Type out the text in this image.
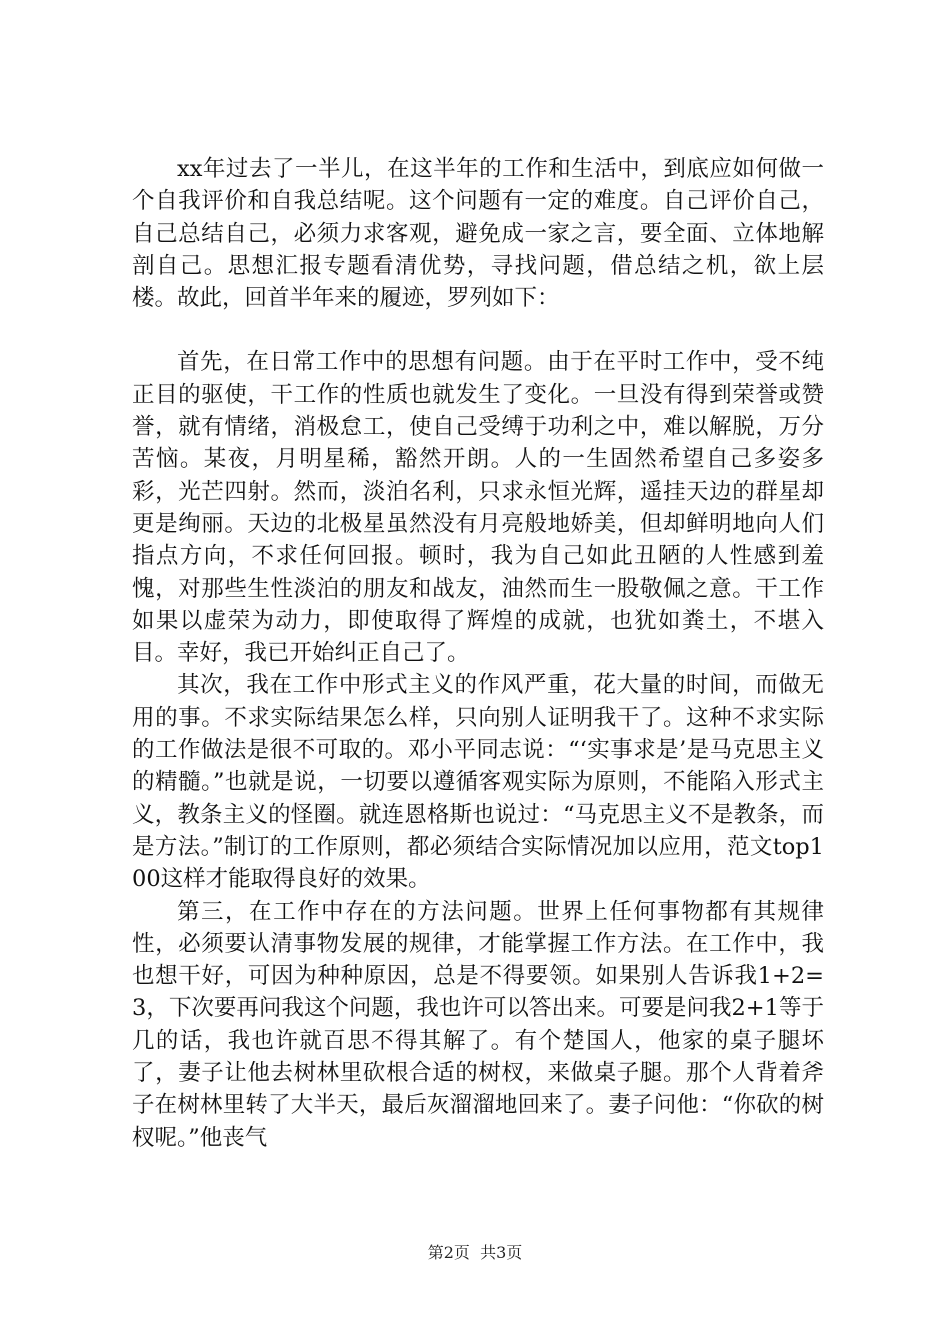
xx年过去了一半儿，在这半年的工作和生活中，到底应如何做一个自我评价和自我总结呢。这个问题有一定的难度。自己评价自己，自己总结自己，必须力求客观，避免成一家之言，要全面、立体地解剖自己。思想汇报专题看清优势，寻找问题，借总结之机，欲上层楼。故此，回首半年来的履迹，罗列如下：

首先，在日常工作中的思想有问题。由于在平时工作中，受不纯正目的驱使，干工作的性质也就发生了变化。一旦没有得到荣誉或赞誉，就有情绪，消极怠工，使自己受缚于功利之中，难以解脱，万分苦恼。某夜，月明星稀，豁然开朗。人的一生固然希望自己多姿多彩，光芒四射。然而，淡泊名利，只求永恒光辉，遥挂天边的群星却更是绚丽。天边的北极星虽然没有月亮般地娇美，但却鲜明地向人们指点方向，不求任何回报。顿时，我为自己如此丑陋的人性感到羞愧，对那些生性淡泊的朋友和战友，油然而生一股敬佩之意。干工作如果以虚荣为动力，即使取得了辉煌的成就，也犹如粪土，不堪入目。幸好，我已开始纠正自己了。

其次，我在工作中形式主义的作风严重，花大量的时间，而做无用的事。不求实际结果怎么样，只向别人证明我干了。这种不求实际的工作做法是很不可取的。邓小平同志说：“‘实事求是’是马克思主义的精髓。”也就是说，一切要以遵循客观实际为原则，不能陷入形式主义，教条主义的怪圈。就连恩格斯也说过：“马克思主义不是教条，而是方法。”制订的工作原则，都必须结合实际情况加以应用，范文top100这样才能取得良好的效果。

第三，在工作中存在的方法问题。世界上任何事物都有其规律性，必须要认清事物发展的规律，才能掌握工作方法。在工作中，我也想干好，可因为种种原因，总是不得要领。如果别人告诉我1+2=3，下次要再问我这个问题，我也许可以答出来。可要是问我2+1等于几的话，我也许就百思不得其解了。有个楚国人，他家的桌子腿坏了，妻子让他去树林里砍根合适的树杈，来做桌子腿。那个人背着斧子在树林里转了大半天，最后灰溜溜地回来了。妻子问他：“你砍的树杈呢。”他丧气

第2页  共3页
